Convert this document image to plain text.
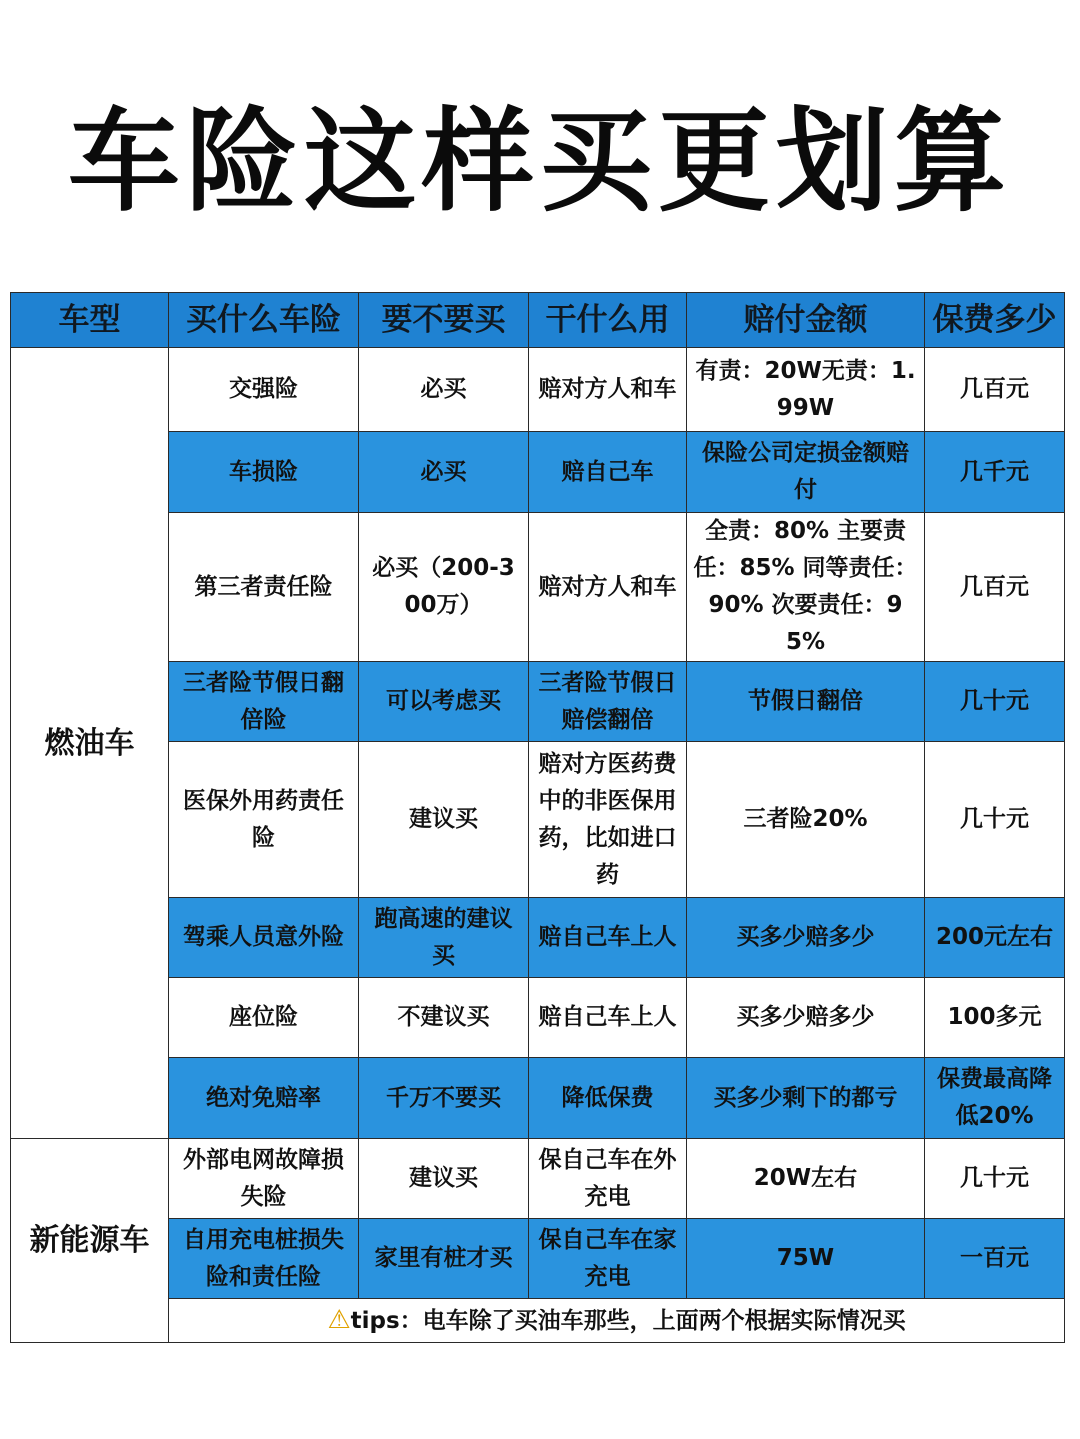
车险这样买更划算
车型	买什么车险	要不要买	干什么用	赔付金额	保费多少
燃油车	交强险	必买	赔对方人和车	有责：20W无责：1.99W	几百元
	车损险	必买	赔自己车	保险公司定损金额赔付	几千元
	第三者责任险	必买（200-300万）	赔对方人和车	全责：80% 主要责任：85% 同等责任：90% 次要责任：95%	几百元
	三者险节假日翻倍险	可以考虑买	三者险节假日赔偿翻倍	节假日翻倍	几十元
	医保外用药责任险	建议买	赔对方医药费中的非医保用药，比如进口药	三者险20%	几十元
	驾乘人员意外险	跑高速的建议买	赔自己车上人	买多少赔多少	200元左右
	座位险	不建议买	赔自己车上人	买多少赔多少	100多元
	绝对免赔率	千万不要买	降低保费	买多少剩下的都亏	保费最高降低20%
新能源车	外部电网故障损失险	建议买	保自己车在外充电	20W左右	几十元
	自用充电桩损失险和责任险	家里有桩才买	保自己车在家充电	75W	一百元
	⚠tips：电车除了买油车那些，上面两个根据实际情况买				
